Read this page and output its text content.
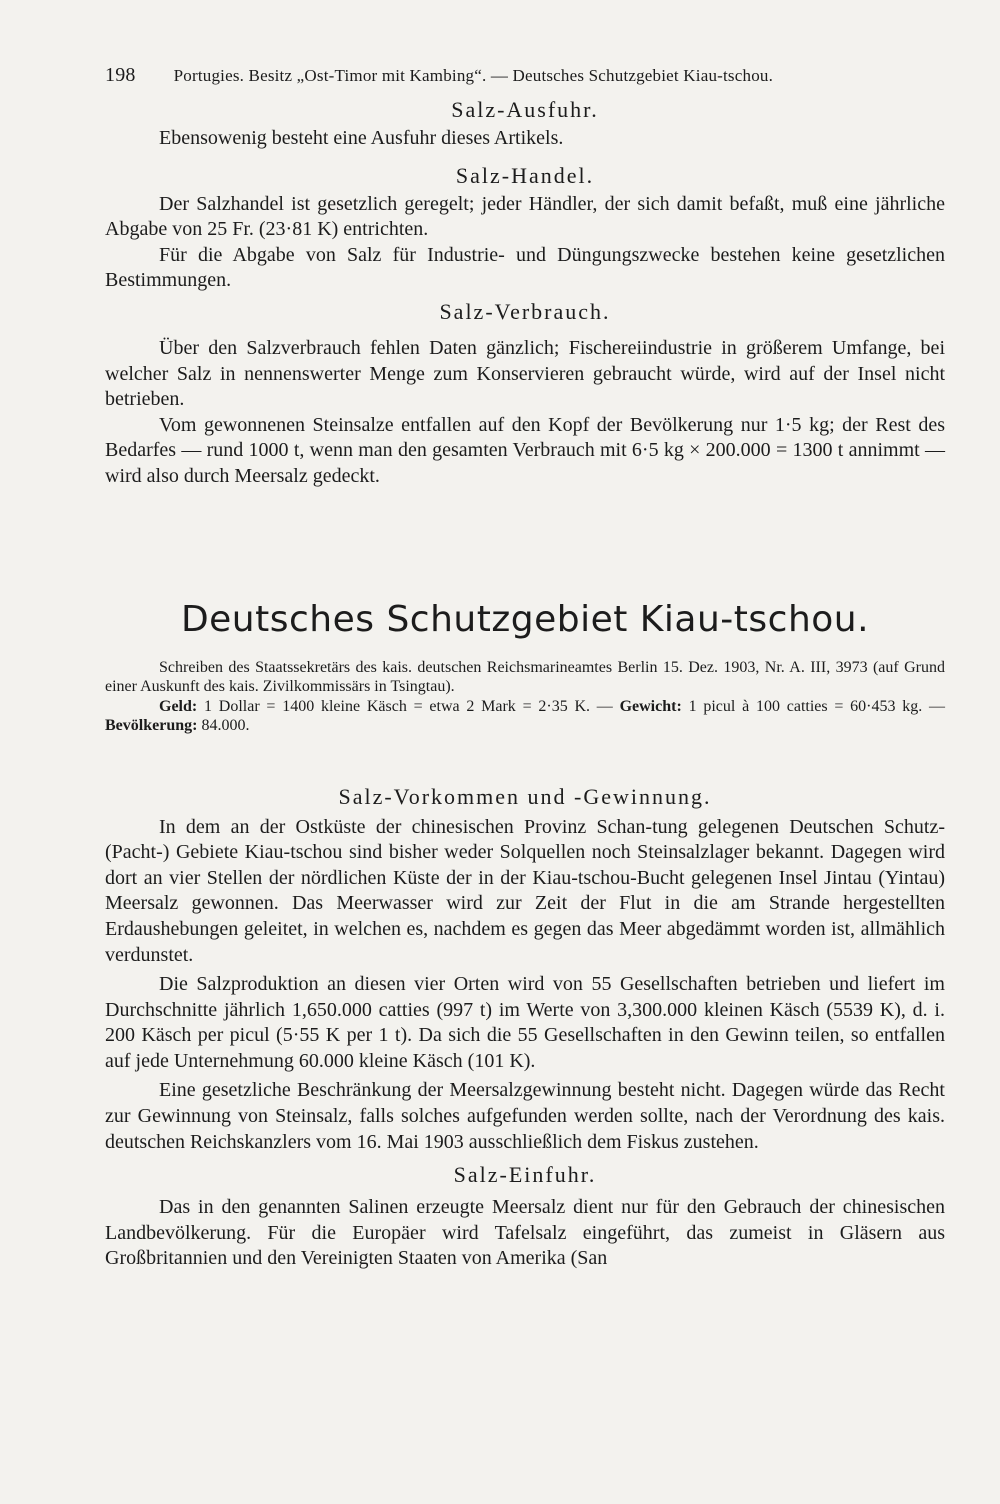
198 Portugies. Besitz „Ost-Timor mit Kambing“. — Deutsches Schutzgebiet Kiau-tschou.
Salz-Ausfuhr.

Ebensowenig besteht eine Ausfuhr dieses Artikels.

Salz-Handel.

Der Salzhandel ist gesetzlich geregelt; jeder Händler, der sich damit befaßt, muß eine jährliche Abgabe von 25 Fr. (23·81 K) entrichten.

Für die Abgabe von Salz für Industrie- und Düngungszwecke bestehen keine gesetzlichen Bestimmungen.

Salz-Verbrauch.

Über den Salzverbrauch fehlen Daten gänzlich; Fischereiindustrie in größerem Umfange, bei welcher Salz in nennenswerter Menge zum Konservieren gebraucht würde, wird auf der Insel nicht betrieben.

Vom gewonnenen Steinsalze entfallen auf den Kopf der Bevölkerung nur 1·5 kg; der Rest des Bedarfes — rund 1000 t, wenn man den gesamten Verbrauch mit 6·5 kg × 200.000 = 1300 t annimmt — wird also durch Meersalz gedeckt.

Deutsches Schutzgebiet Kiau-tschou.
Schreiben des Staatssekretärs des kais. deutschen Reichsmarineamtes Berlin 15. Dez. 1903, Nr. A. III, 3973 (auf Grund einer Auskunft des kais. Zivilkommissärs in Tsingtau).
Geld: 1 Dollar = 1400 kleine Käsch = etwa 2 Mark = 2·35 K. — Gewicht: 1 picul à 100 catties = 60·453 kg. — Bevölkerung: 84.000.
Salz-Vorkommen und -Gewinnung.

In dem an der Ostküste der chinesischen Provinz Schan-tung gelegenen Deutschen Schutz- (Pacht-) Gebiete Kiau-tschou sind bisher weder Solquellen noch Steinsalzlager bekannt. Dagegen wird dort an vier Stellen der nördlichen Küste der in der Kiau-tschou-Bucht gelegenen Insel Jintau (Yintau) Meersalz gewonnen. Das Meerwasser wird zur Zeit der Flut in die am Strande hergestellten Erdaushebungen geleitet, in welchen es, nachdem es gegen das Meer abgedämmt worden ist, allmählich verdunstet.

Die Salzproduktion an diesen vier Orten wird von 55 Gesellschaften betrieben und liefert im Durchschnitte jährlich 1,650.000 catties (997 t) im Werte von 3,300.000 kleinen Käsch (5539 K), d. i. 200 Käsch per picul (5·55 K per 1 t). Da sich die 55 Gesellschaften in den Gewinn teilen, so entfallen auf jede Unternehmung 60.000 kleine Käsch (101 K).

Eine gesetzliche Beschränkung der Meersalzgewinnung besteht nicht. Dagegen würde das Recht zur Gewinnung von Steinsalz, falls solches aufgefunden werden sollte, nach der Verordnung des kais. deutschen Reichskanzlers vom 16. Mai 1903 ausschließlich dem Fiskus zustehen.

Salz-Einfuhr.

Das in den genannten Salinen erzeugte Meersalz dient nur für den Gebrauch der chinesischen Landbevölkerung. Für die Europäer wird Tafelsalz eingeführt, das zumeist in Gläsern aus Großbritannien und den Vereinigten Staaten von Amerika (San
